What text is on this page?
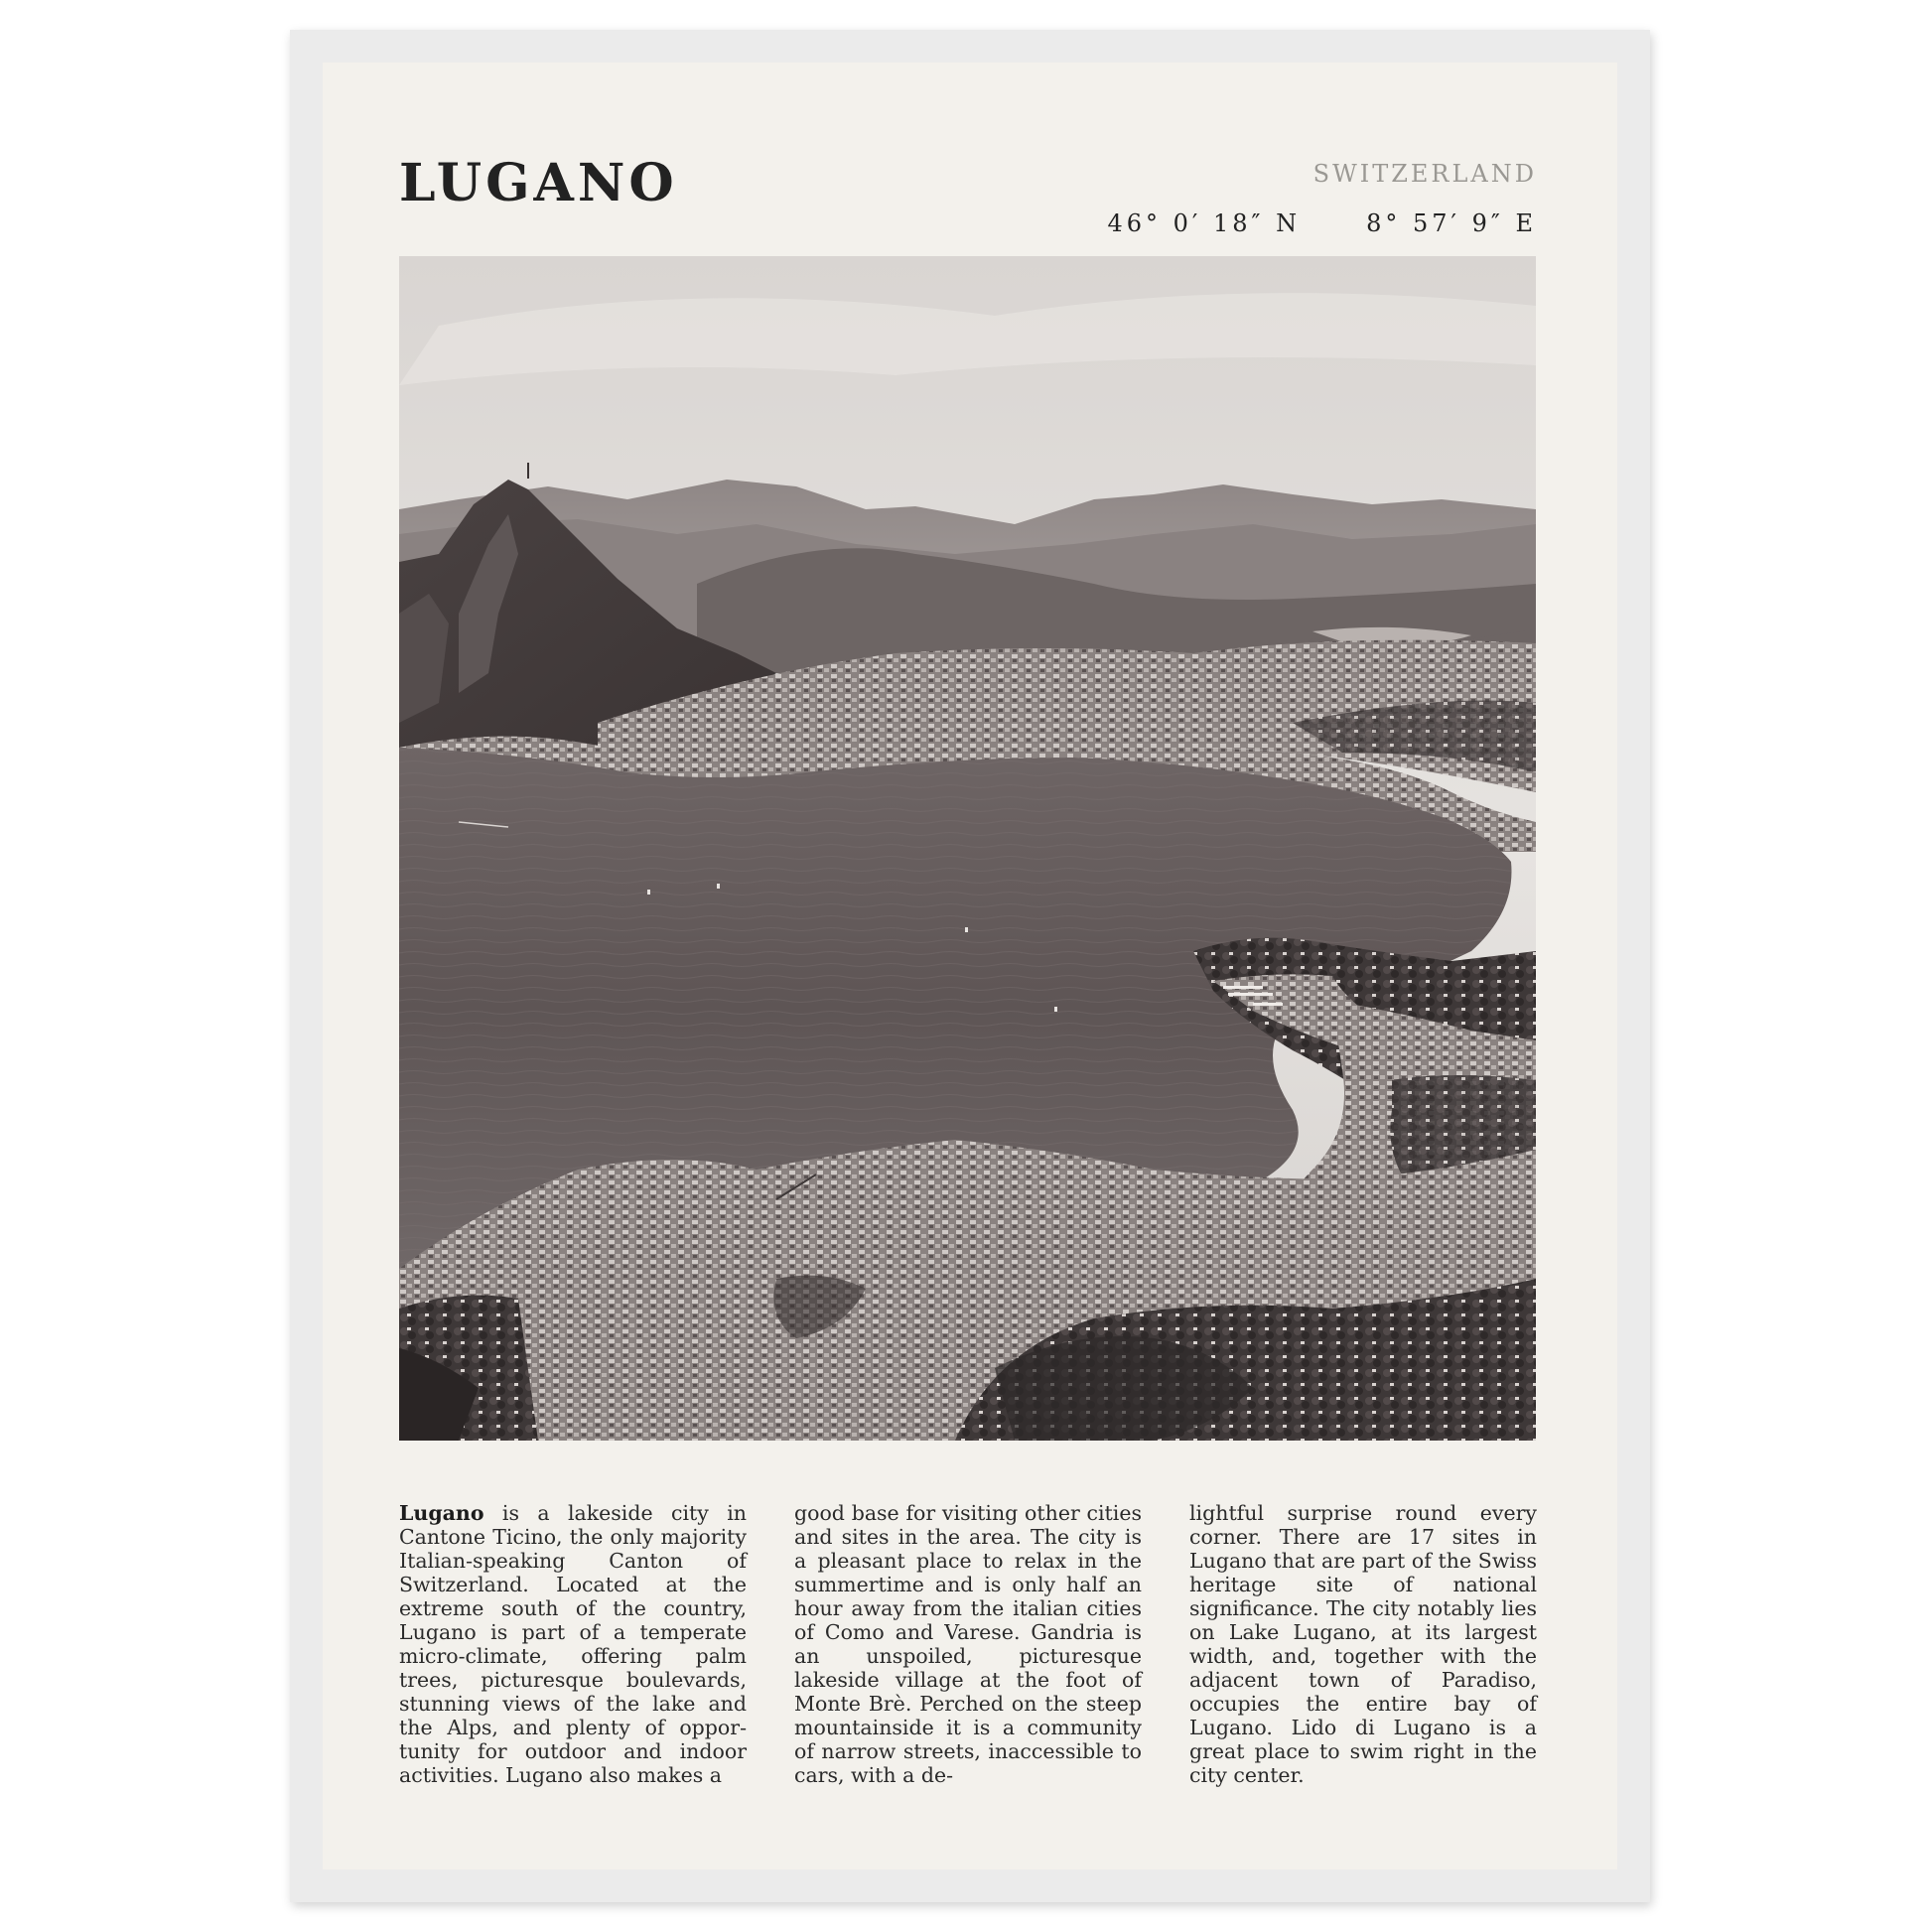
LUGANO	SWITZERLAND
46° 0′ 18″ N	8° 57′ 9″ E
Lugano is a lakeside city in Cantone Ticino, the only majority Italian-speaking Canton of Switzerland. Located at the extreme south of the country, Lugano is part of a temperate micro-climate, offering palm trees, picturesque boulevards, stunning views of the lake and the Alps, and plenty of opportunity for outdoor and indoor activities. Lugano also makes a
good base for visiting other cities and sites in the area. The city is a pleasant place to relax in the summertime and is only half an hour away from the italian cities of Como and Varese. Gandria is an unspoiled, picturesque lakeside village at the foot of Monte Brè. Perched on the steep mountainside it is a community of narrow streets, inaccessible to cars, with a de-
lightful surprise round every corner. There are 17 sites in Lugano that are part of the Swiss heritage site of national significance. The city notably lies on Lake Lugano, at its largest width, and, together with the adjacent town of Paradiso, occupies the entire bay of Lugano. Lido di Lugano is a great place to swim right in the city center.
